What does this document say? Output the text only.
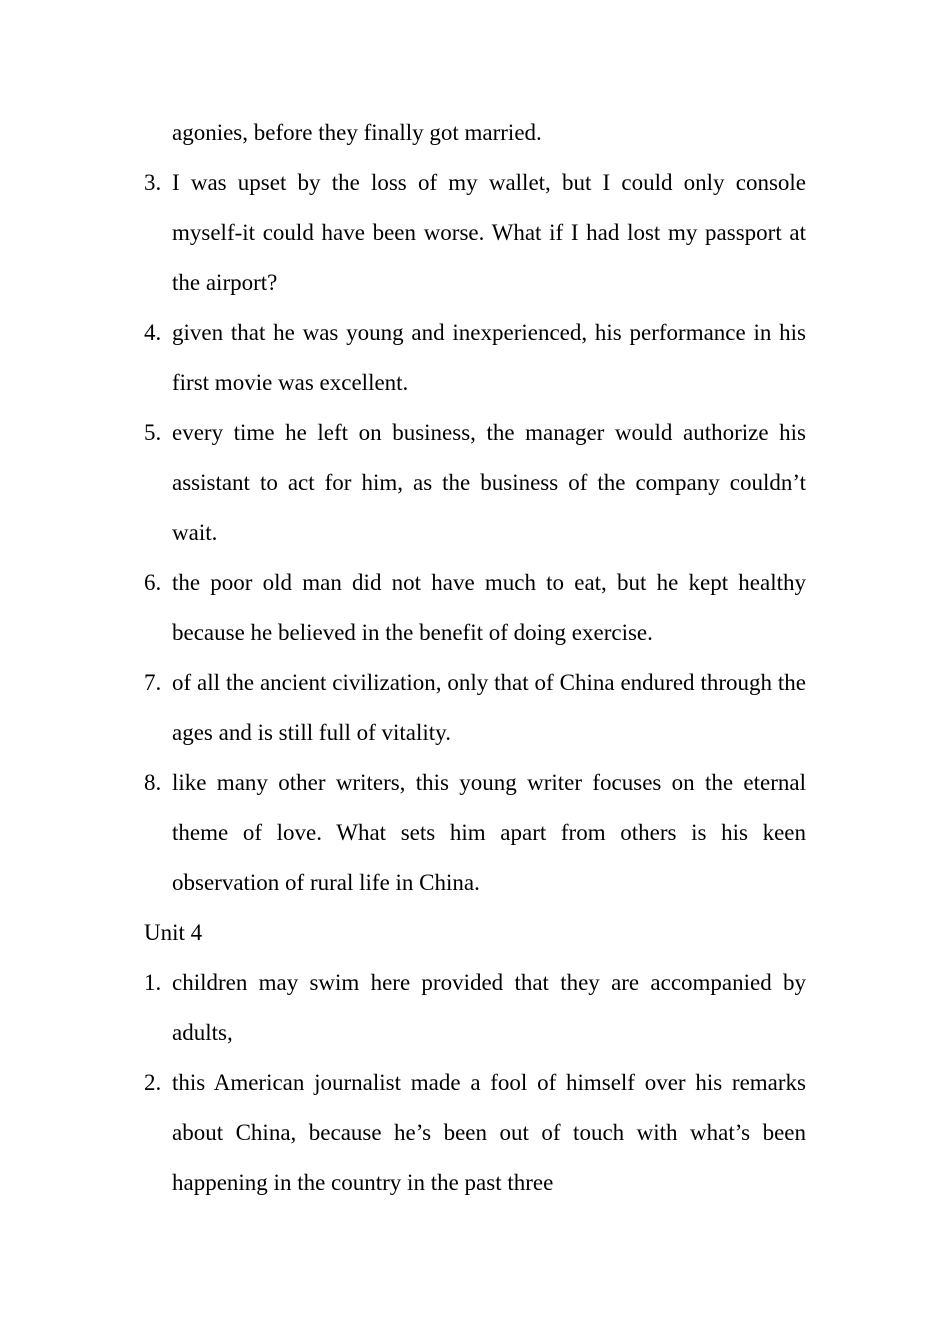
agonies, before they finally got married.
3. I was upset by the loss of my wallet, but I could only console myself-it could have been worse. What if I had lost my passport at the airport?
4. given that he was young and inexperienced, his performance in his first movie was excellent.
5. every time he left on business, the manager would authorize his assistant to act for him, as the business of the company couldn’t wait.
6. the poor old man did not have much to eat, but he kept healthy because he believed in the benefit of doing exercise.
7. of all the ancient civilization, only that of China endured through the ages and is still full of vitality.
8. like many other writers, this young writer focuses on the eternal theme of love. What sets him apart from others is his keen observation of rural life in China.
Unit 4
1. children may swim here provided that they are accompanied by adults,
2. this American journalist made a fool of himself over his remarks about China, because he’s been out of touch with what’s been happening in the country in the past three
